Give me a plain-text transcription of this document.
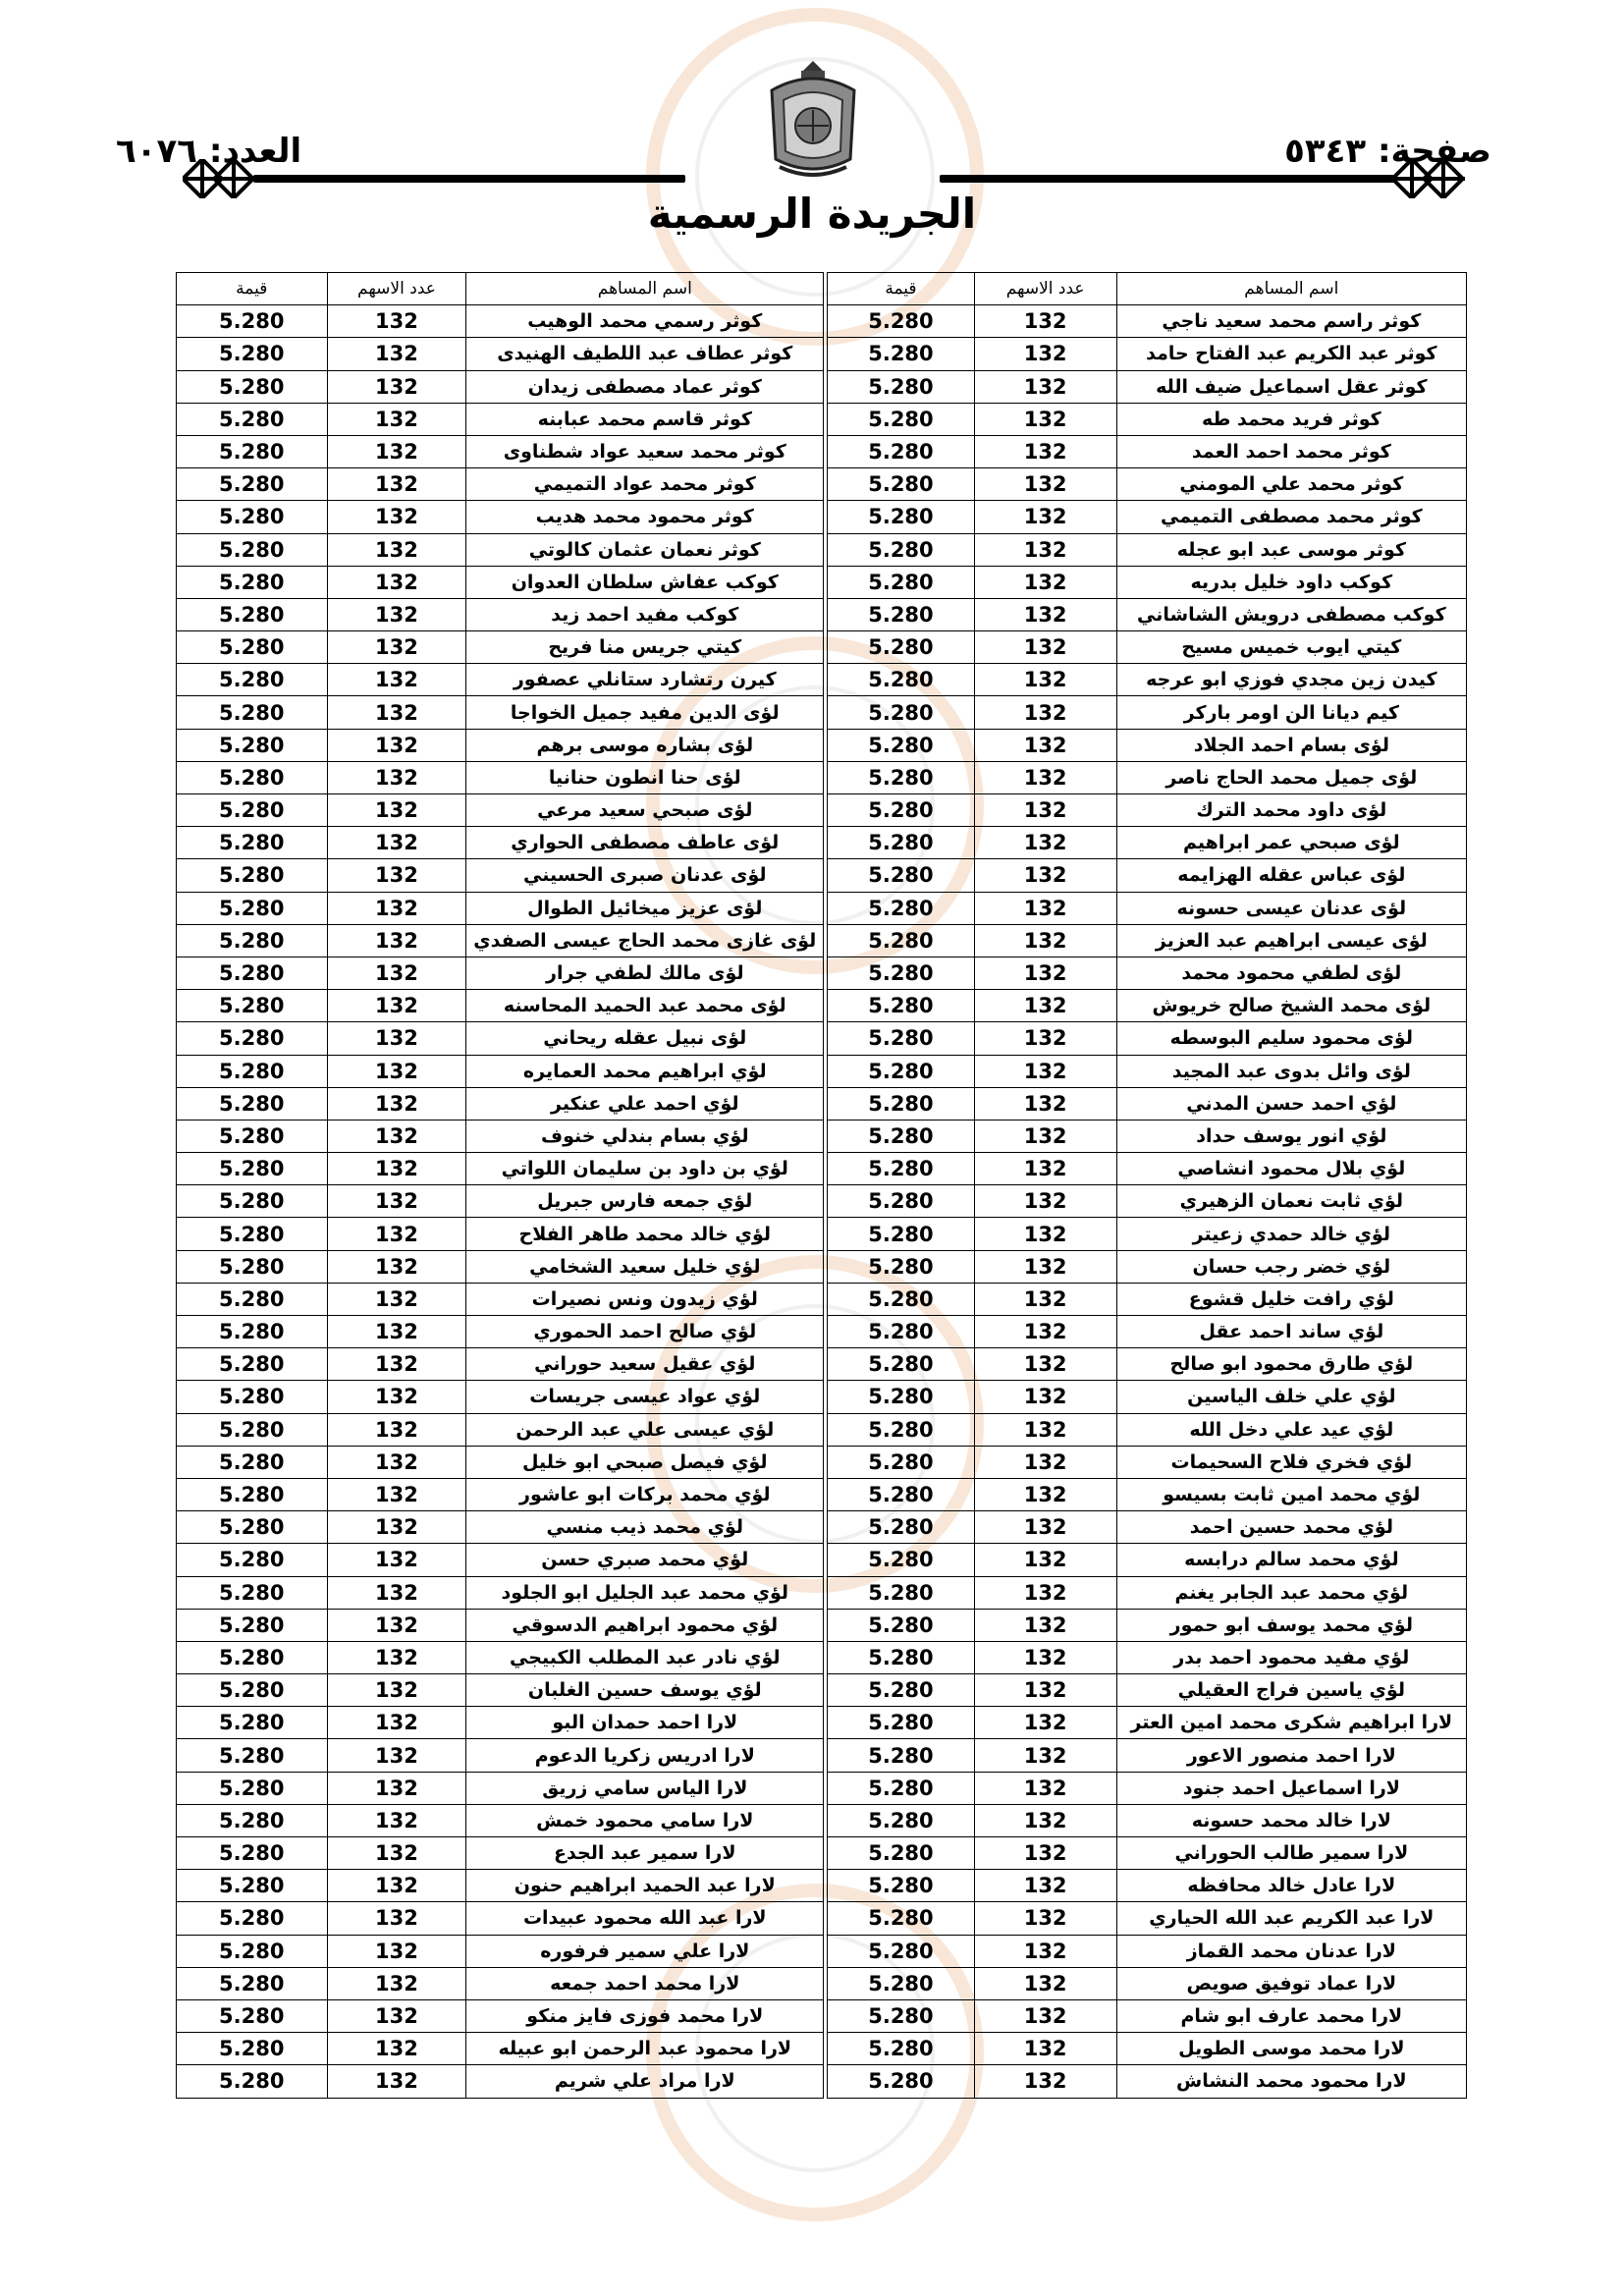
صفحة: ٥٣٤٣
العدد: ٦٠٧٦
الجريدة الرسمية
اسم المساهم	عدد الاسهم	قيمة		اسم المساهم	عدد الاسهم	قيمة
كوثر راسم محمد سعيد ناجي	132	5.280		كوثر رسمي محمد الوهيب	132	5.280
كوثر عبد الكريم عبد الفتاح حامد	132	5.280		كوثر عطاف عبد اللطيف الهنيدى	132	5.280
كوثر عقل اسماعيل ضيف الله	132	5.280		كوثر عماد مصطفى زيدان	132	5.280
كوثر فريد محمد طه	132	5.280		كوثر قاسم محمد عبابنه	132	5.280
كوثر محمد احمد العمد	132	5.280		كوثر محمد سعيد عواد شطناوى	132	5.280
كوثر محمد علي المومني	132	5.280		كوثر محمد عواد التميمي	132	5.280
كوثر محمد مصطفى التميمي	132	5.280		كوثر محمود محمد هديب	132	5.280
كوثر موسى عبد ابو عجله	132	5.280		كوثر نعمان عثمان كالوتي	132	5.280
كوكب داود خليل بدريه	132	5.280		كوكب عفاش سلطان العدوان	132	5.280
كوكب مصطفى درويش الشاشاني	132	5.280		كوكب مفيد احمد زيد	132	5.280
كيتي ايوب خميس مسيح	132	5.280		كيتي جريس منا فريح	132	5.280
كيدن زين مجدي فوزي ابو عرجه	132	5.280		كيرن رتشارد ستانلي عصفور	132	5.280
كيم ديانا الن اومر باركر	132	5.280		لؤى الدين مفيد جميل الخواجا	132	5.280
لؤى بسام احمد الجلاد	132	5.280		لؤى بشاره موسى برهم	132	5.280
لؤى جميل محمد الحاج ناصر	132	5.280		لؤى حنا انطون حنانيا	132	5.280
لؤى داود محمد الترك	132	5.280		لؤى صبحي سعيد مرعي	132	5.280
لؤى صبحي عمر ابراهيم	132	5.280		لؤى عاطف مصطفى الحواري	132	5.280
لؤى عباس عقله الهزايمه	132	5.280		لؤى عدنان صبرى الحسيني	132	5.280
لؤى عدنان عيسى حسونه	132	5.280		لؤى عزيز ميخائيل الطوال	132	5.280
لؤى عيسى ابراهيم عبد العزيز	132	5.280		لؤى غازى محمد الحاج عيسى الصفدي	132	5.280
لؤى لطفي محمود محمد	132	5.280		لؤى مالك لطفي جرار	132	5.280
لؤى محمد الشيخ صالح خريوش	132	5.280		لؤى محمد عبد الحميد المحاسنه	132	5.280
لؤى محمود سليم البوسطه	132	5.280		لؤى نبيل عقله ريحاني	132	5.280
لؤى وائل بدوى عبد المجيد	132	5.280		لؤي ابراهيم محمد العمايره	132	5.280
لؤي احمد حسن المدني	132	5.280		لؤي احمد علي عنكير	132	5.280
لؤي انور يوسف حداد	132	5.280		لؤي بسام بندلي خنوف	132	5.280
لؤي بلال محمود انشاصي	132	5.280		لؤي بن داود بن سليمان اللواتي	132	5.280
لؤي ثابت نعمان الزهيري	132	5.280		لؤي جمعه فارس جبريل	132	5.280
لؤي خالد حمدي زعيتر	132	5.280		لؤي خالد محمد طاهر الفلاح	132	5.280
لؤي خضر رجب حسان	132	5.280		لؤي خليل سعيد الشخامي	132	5.280
لؤي رافت خليل قشوع	132	5.280		لؤي زيدون ونس نصيرات	132	5.280
لؤي ساند احمد عقل	132	5.280		لؤي صالح احمد الحموري	132	5.280
لؤي طارق محمود ابو صالح	132	5.280		لؤي عقيل سعيد حوراني	132	5.280
لؤي علي خلف الياسين	132	5.280		لؤي عواد عيسى جريسات	132	5.280
لؤي عيد علي دخل الله	132	5.280		لؤي عيسى علي عبد الرحمن	132	5.280
لؤي فخري فلاح السحيمات	132	5.280		لؤي فيصل صبحي ابو خليل	132	5.280
لؤي محمد امين ثابت بسيسو	132	5.280		لؤي محمد بركات ابو عاشور	132	5.280
لؤي محمد حسين احمد	132	5.280		لؤي محمد ذيب منسي	132	5.280
لؤي محمد سالم درابسه	132	5.280		لؤي محمد صبري حسن	132	5.280
لؤي محمد عبد الجابر يغنم	132	5.280		لؤي محمد عبد الجليل ابو الجلود	132	5.280
لؤي محمد يوسف ابو حمور	132	5.280		لؤي محمود ابراهيم الدسوقي	132	5.280
لؤي مفيد محمود احمد بدر	132	5.280		لؤي نادر عبد المطلب الكبيجي	132	5.280
لؤي ياسين فراج العقيلي	132	5.280		لؤي يوسف حسين الغلبان	132	5.280
لارا ابراهيم شكرى محمد امين العتر	132	5.280		لارا احمد حمدان البو	132	5.280
لارا احمد منصور الاعور	132	5.280		لارا ادريس زكريا الدعوم	132	5.280
لارا اسماعيل احمد جنود	132	5.280		لارا الياس سامي زريق	132	5.280
لارا خالد محمد حسونه	132	5.280		لارا سامي محمود خمش	132	5.280
لارا سمير طالب الحوراني	132	5.280		لارا سمير عبد الجدع	132	5.280
لارا عادل خالد محافظه	132	5.280		لارا عبد الحميد ابراهيم حنون	132	5.280
لارا عبد الكريم عبد الله الحياري	132	5.280		لارا عبد الله محمود عبيدات	132	5.280
لارا عدنان محمد القماز	132	5.280		لارا علي سمير فرفوره	132	5.280
لارا عماد توفيق صويص	132	5.280		لارا محمد احمد جمعه	132	5.280
لارا محمد عارف ابو شام	132	5.280		لارا محمد فوزى فايز منكو	132	5.280
لارا محمد موسى الطويل	132	5.280		لارا محمود عبد الرحمن ابو عبيله	132	5.280
لارا محمود محمد النشاش	132	5.280		لارا مراد علي شريم	132	5.280
